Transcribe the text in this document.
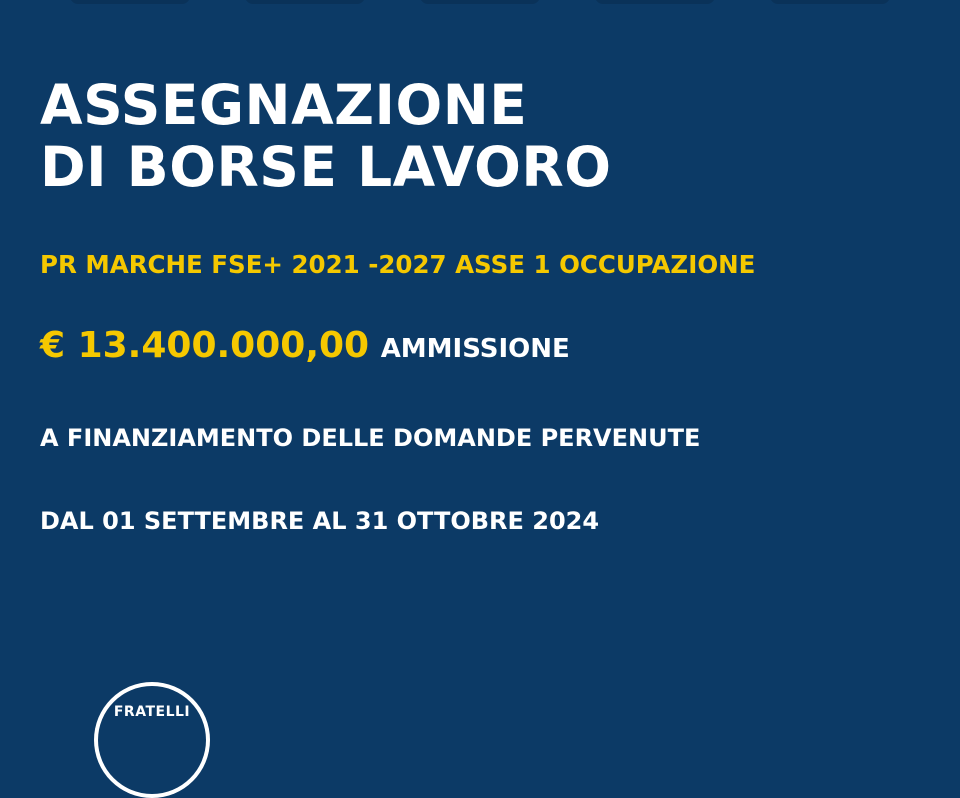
ASSEGNAZIONE
DI BORSE LAVORO
PR MARCHE FSE+ 2021 -2027 ASSE 1 OCCUPAZIONE
€ 13.400.000,00 AMMISSIONE
A FINANZIAMENTO DELLE DOMANDE PERVENUTE
DAL 01 SETTEMBRE AL 31 OTTOBRE 2024
FRATELLI
